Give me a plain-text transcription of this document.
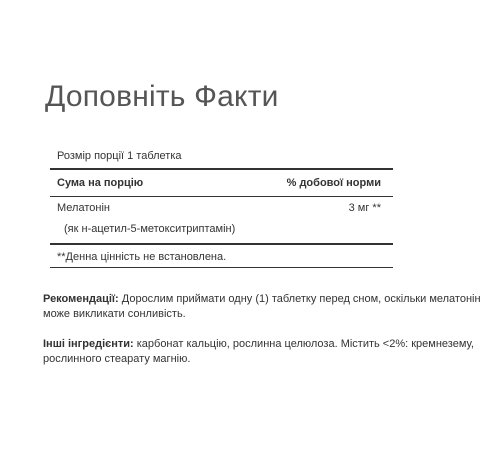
Доповніть Факти
Розмір порції 1 таблетка
Сума на порцію	% добової норми
Мелатонін	3 мг **
(як н-ацетил-5-метокситриптамін)
**Денна цінність не встановлена.

Рекомендації: Дорослим приймати одну (1) таблетку перед сном, оскільки мелатонін може викликати сонливість.

Інші інгредієнти: карбонат кальцію, рослинна целюлоза. Містить <2%: кремнезему, рослинного стеарату магнію.
